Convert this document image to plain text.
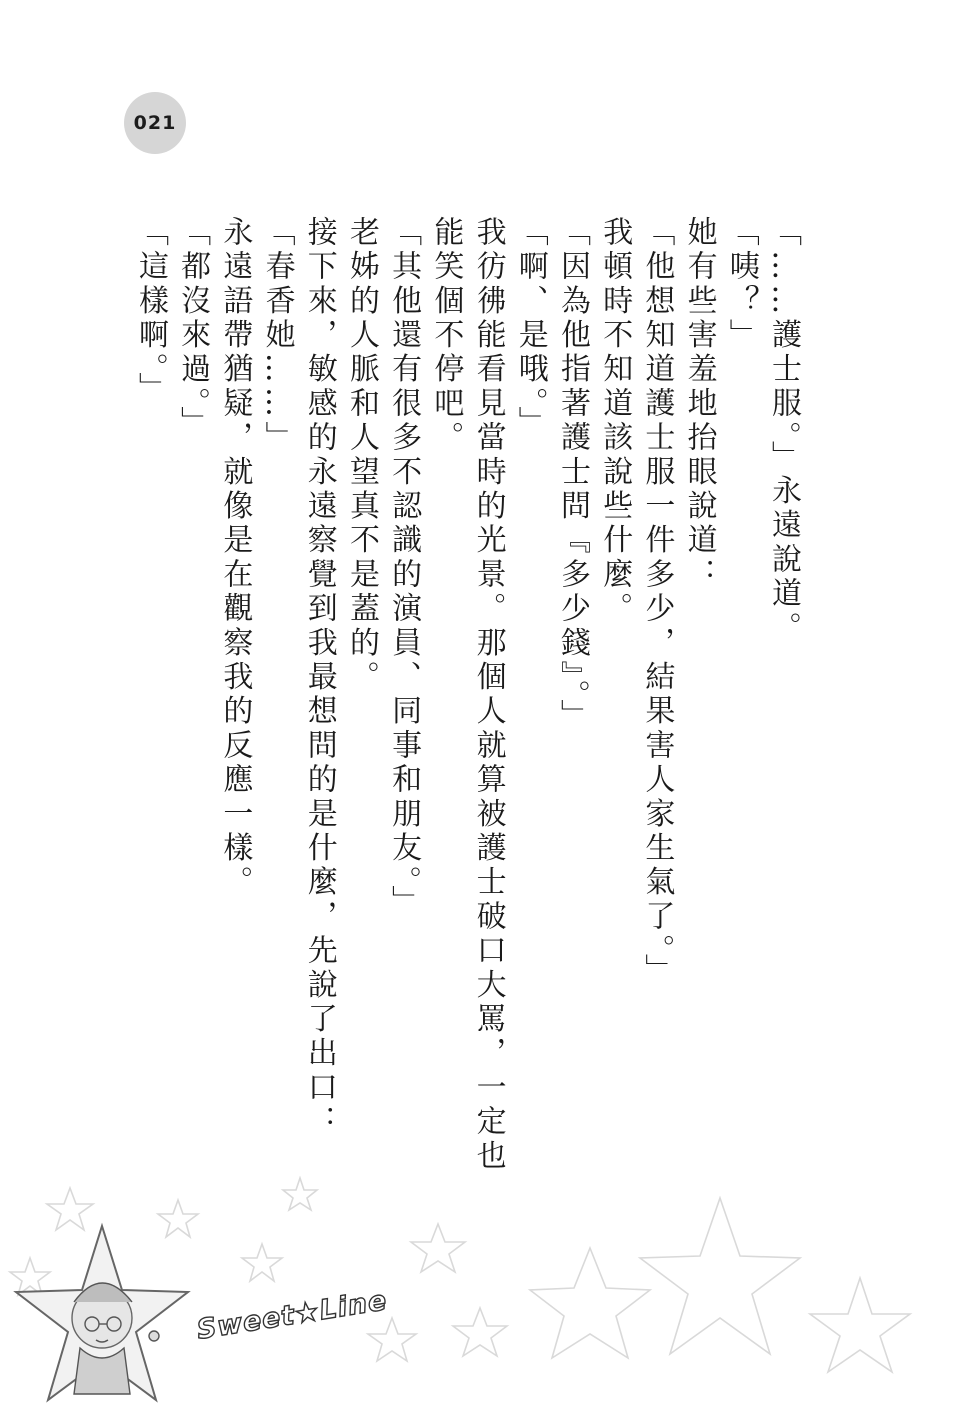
021

「……護士服。」永遠說道。

「咦？」

她有些害羞地抬眼說道：

「他想知道護士服一件多少，結果害人家生氣了。」

我頓時不知道該說些什麼。

「因為他指著護士問『多少錢』。」

「啊、是哦。」

我彷彿能看見當時的光景。那個人就算被護士破口大罵，一定也能笑個不停吧。

「其他還有很多不認識的演員、同事和朋友。」

老姊的人脈和人望真不是蓋的。

接下來，敏感的永遠察覺到我最想問的是什麼，先說了出口：

「春香她……」

永遠語帶猶疑，就像是在觀察我的反應一樣。

「都沒來過。」

「這樣啊。」

Sweet★Line
